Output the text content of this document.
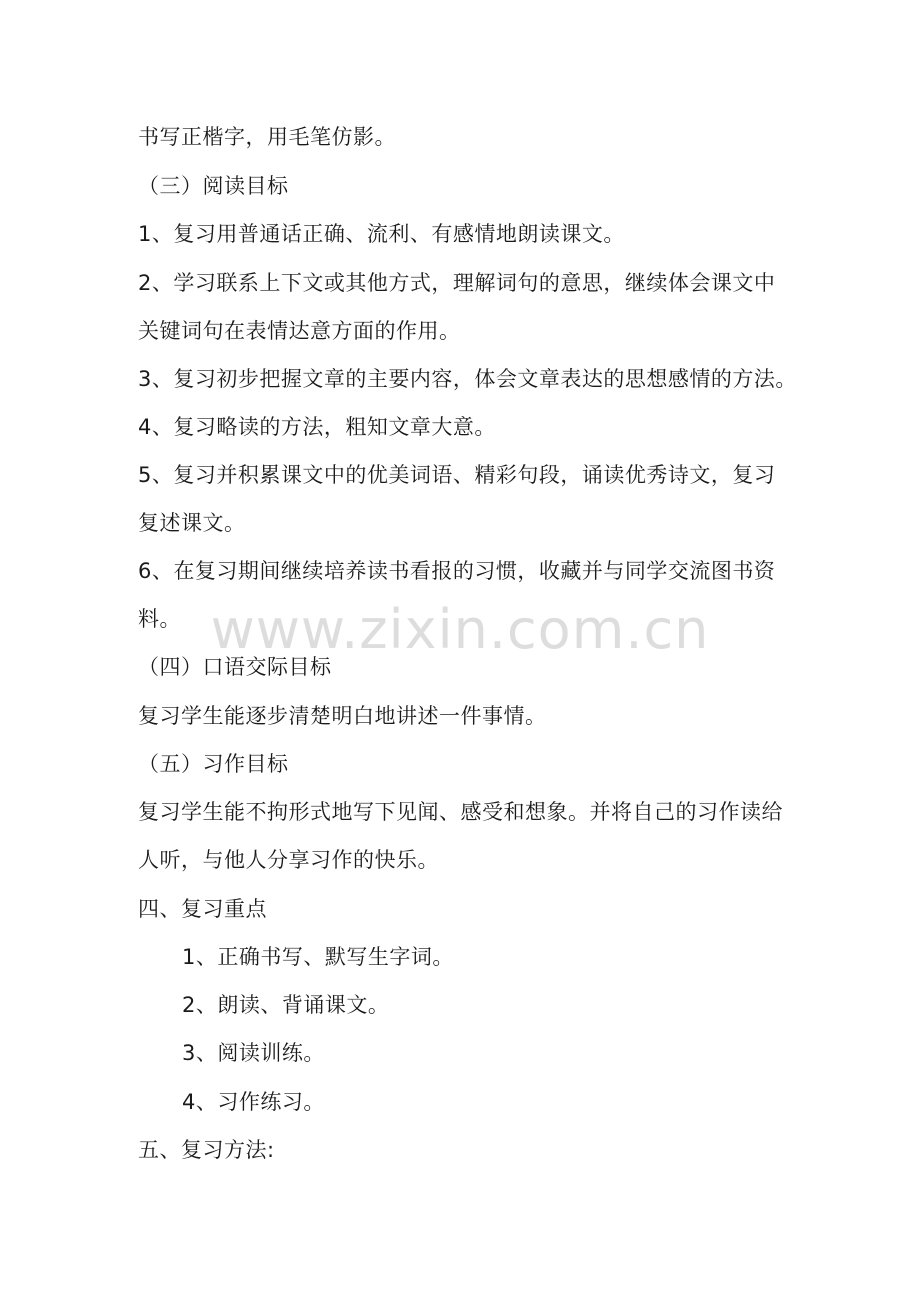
书写正楷字，用毛笔仿影。
（三）阅读目标
1、复习用普通话正确、流利、有感情地朗读课文。
2、学习联系上下文或其他方式，理解词句的意思，继续体会课文中
关键词句在表情达意方面的作用。
3、复习初步把握文章的主要内容，体会文章表达的思想感情的方法。
4、复习略读的方法，粗知文章大意。
5、复习并积累课文中的优美词语、精彩句段，诵读优秀诗文，复习
复述课文。
6、在复习期间继续培养读书看报的习惯，收藏并与同学交流图书资
料。
（四）口语交际目标
复习学生能逐步清楚明白地讲述一件事情。
（五）习作目标
复习学生能不拘形式地写下见闻、感受和想象。并将自己的习作读给
人听，与他人分享习作的快乐。
四、复习重点
1、正确书写、默写生字词。
2、朗读、背诵课文。
3、阅读训练。
4、习作练习。
五、复习方法:
www.zixin.com.cn
